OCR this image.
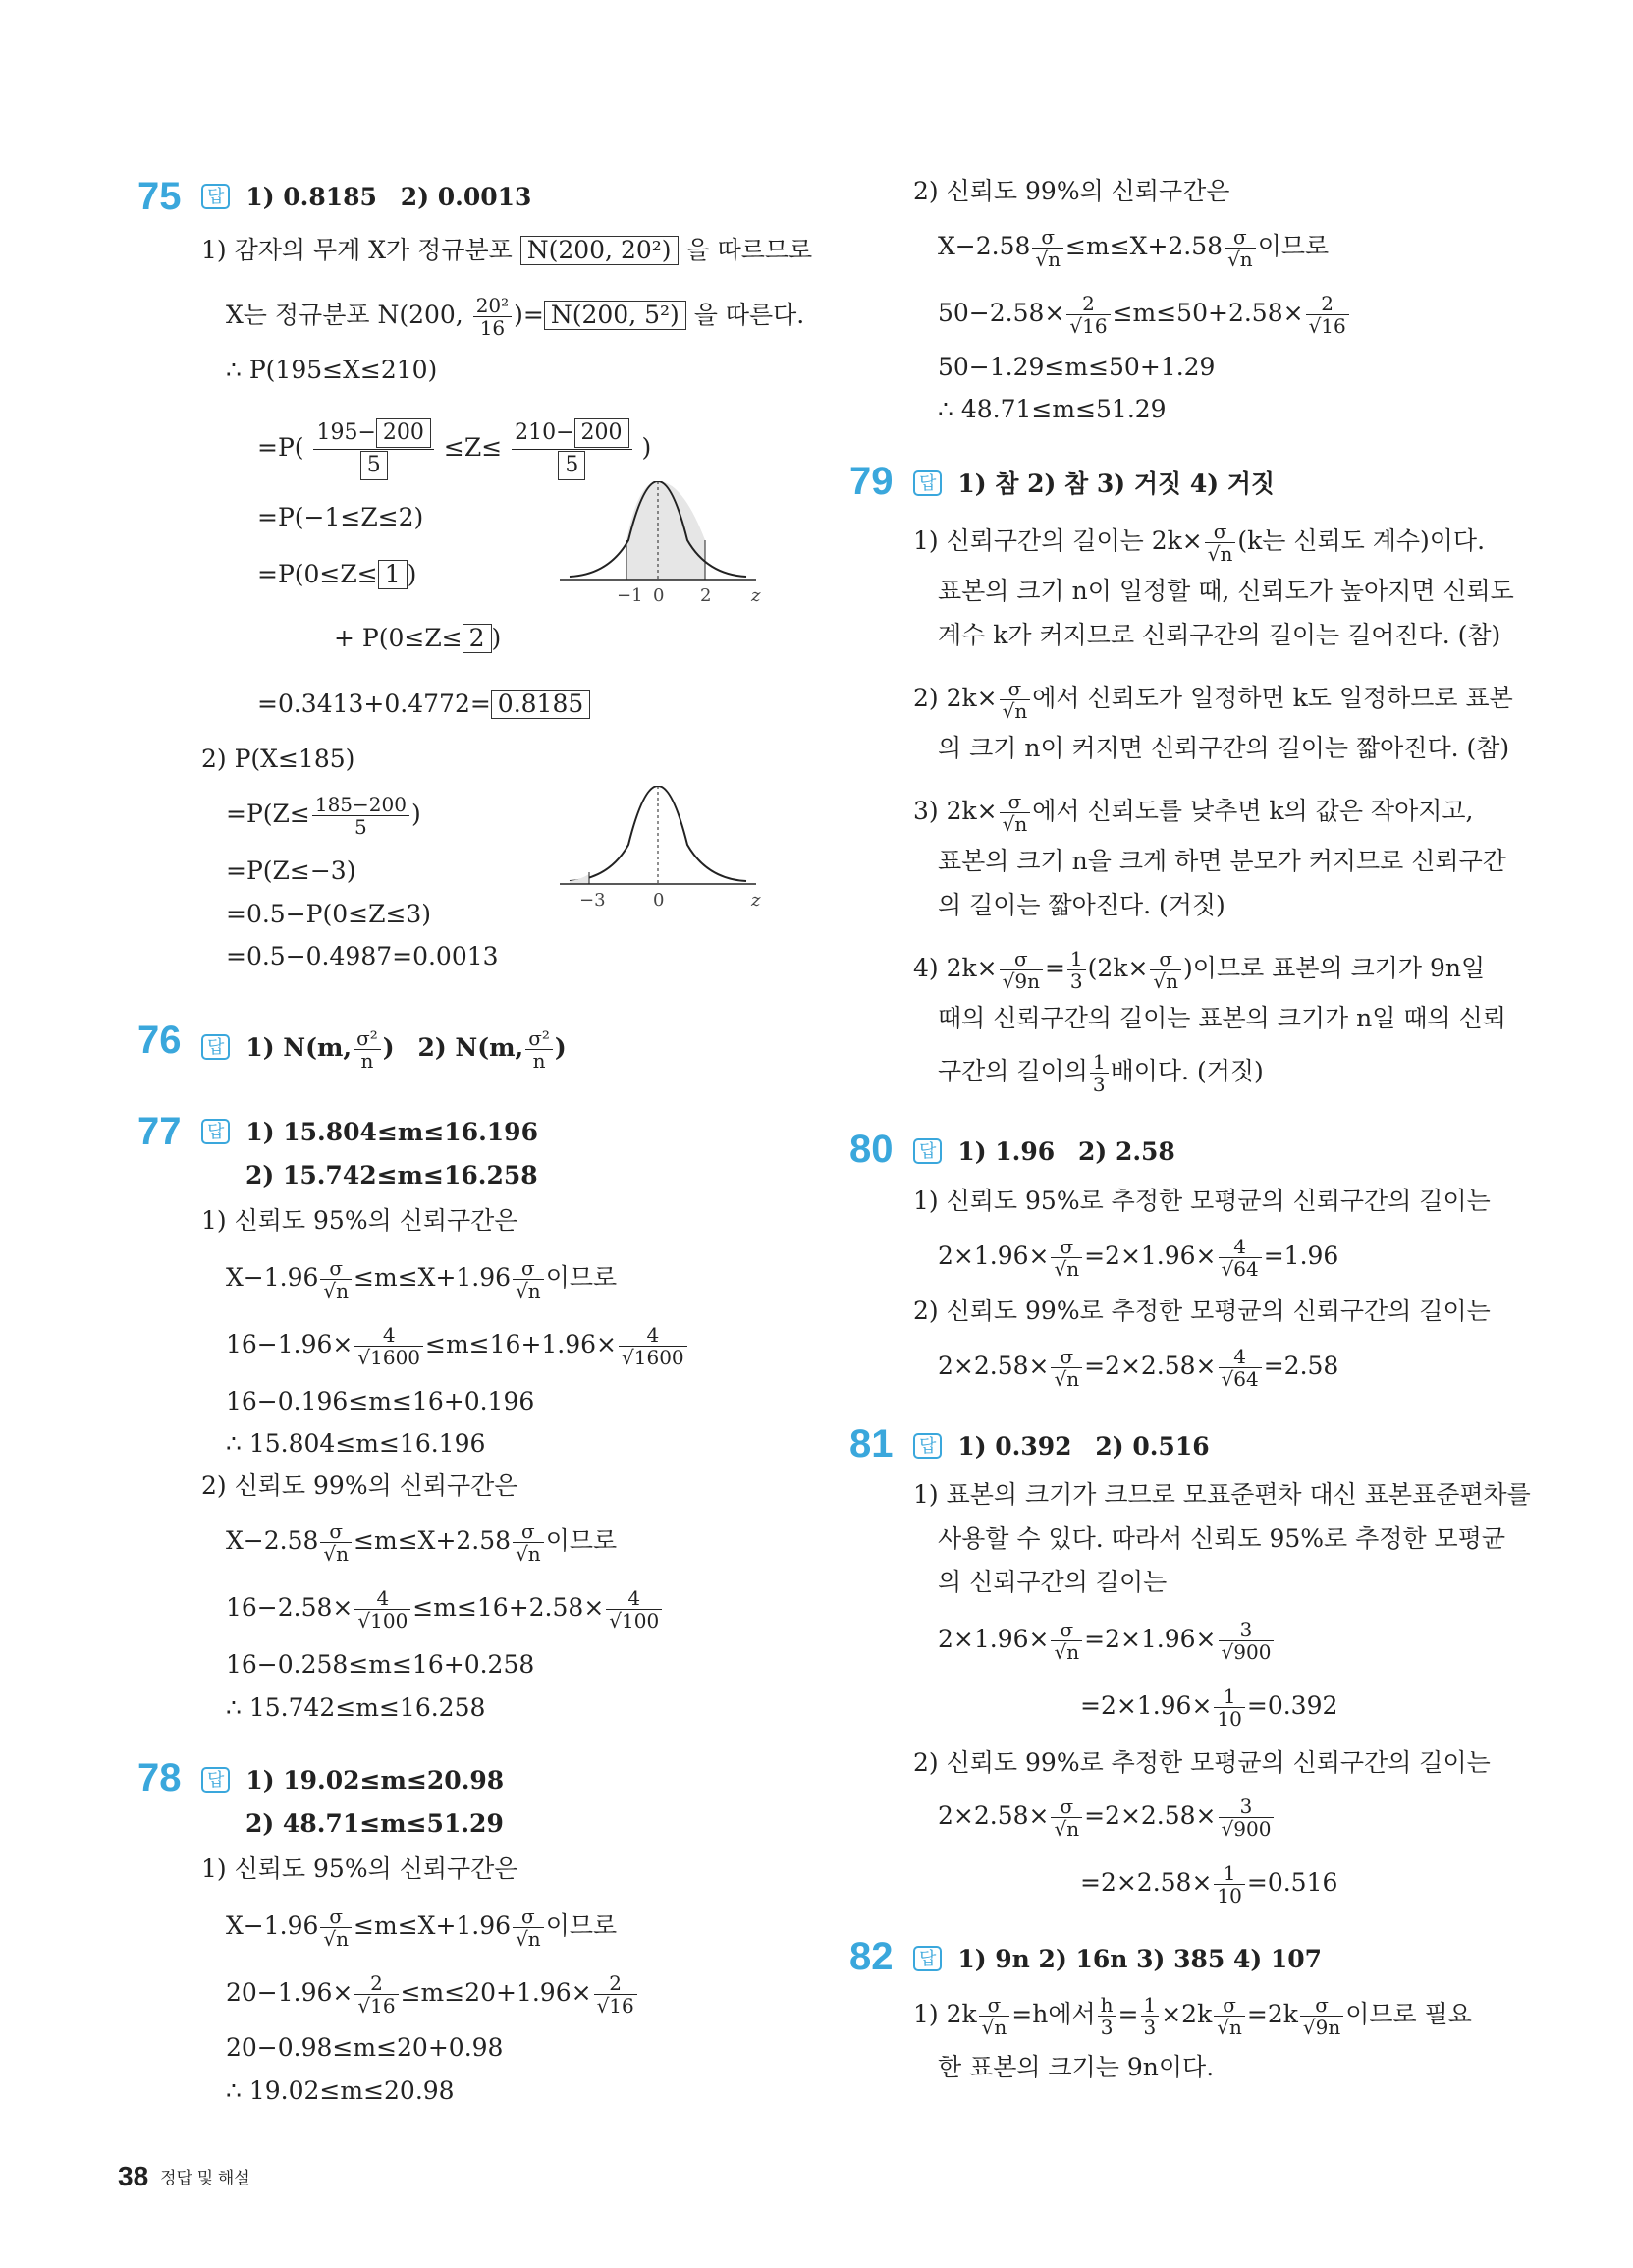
75	답 1) 0.8185 2) 0.0013
1) 감자의 무게 X가 정규분포 N(200, 20²) 을 따르므로
X는 정규분포 N(200, $\frac{\text{20²}}{16}$ )= N(200, 5²) 을 따른다.
∴ P(195≤X≤210)
$=P( \frac{195- 200}{5} \le Z\le \frac{210- 200}{5}$ )
=P(−1≤Z≤2)
=P(0≤Z≤ 1 )
+ P(0≤Z≤ 2 )
=0.3413+0.4772= 0.8185
−1 0 2 z
2) P(X≤185)
$=P(Z\le \frac{185-200}{5}$ )
=P(Z≤−3)
=0.5−P(0≤Z≤3)
=0.5−0.4987=0.0013
−3	0	z
76	답 1) N(m, $\frac{\text{σ²}}{n}$ ) 2) N(m, $\frac{\text{σ²}}{n}$ )
77	답 1) 15.804≤m≤16.196
2) 15.742≤m≤16.258
1) 신뢰도 95%의 신뢰구간은
$X-1.96 \frac{\sigma}{√n} \le m\le X+1.96 \frac{\sigma}{√n}$ 이므로
$16-1.96\times \frac{4}{√1600} \le m\le 16+1.96\times \frac{4}{√1600}$
16−0.196≤m≤16+0.196
∴ 15.804≤m≤16.196
2) 신뢰도 99%의 신뢰구간은
$X-2.58 \frac{\sigma}{√n} \le m\le X+2.58 \frac{\sigma}{√n}$ 이므로
$16-2.58\times \frac{4}{√100} \le m\le 16+2.58\times \frac{4}{√100}$
16−0.258≤m≤16+0.258
∴ 15.742≤m≤16.258
78	답 1) 19.02≤m≤20.98
2) 48.71≤m≤51.29
1) 신뢰도 95%의 신뢰구간은
$X-1.96 \frac{\sigma}{√n} \le m\le X+1.96 \frac{\sigma}{√n}$ 이므로
$20-1.96\times \frac{2}{√16} \le m\le 20+1.96\times \frac{2}{√16}$
20−0.98≤m≤20+0.98
∴ 19.02≤m≤20.98
2) 신뢰도 99%의 신뢰구간은
$X-2.58 \frac{\sigma}{√n} \le m\le X+2.58 \frac{\sigma}{√n}$ 이므로
$50-2.58\times \frac{2}{√16} \le m\le 50+2.58\times \frac{2}{√16}$
50−1.29≤m≤50+1.29
∴ 48.71≤m≤51.29
79	답 1) 참 2) 참 3) 거짓 4) 거짓
1) 신뢰구간의 길이는 $2k\times \frac{\sigma}{√n} (k$는 신뢰도 계수)이다.
표본의 크기 n이 일정할 때, 신뢰도가 높아지면 신뢰도
계수 k가 커지므로 신뢰구간의 길이는 길어진다. (참)
2) $2k\times \frac{\sigma}{√n}$ 에서 신뢰도가 일정하면 k도 일정하므로 표본
의 크기 n이 커지면 신뢰구간의 길이는 짧아진다. (참)
3) $2k\times \frac{\sigma}{√n}$ 에서 신뢰도를 낮추면 k의 값은 작아지고,
표본의 크기 n을 크게 하면 분모가 커지므로 신뢰구간
의 길이는 짧아진다. (거짓)
4) $2k\times \frac{\sigma}{√9n} = \frac{1}{3} (2k\times \frac{\sigma}{√n}$ )이므로 표본의 크기가 9n일
때의 신뢰구간의 길이는 표본의 크기가 n일 때의 신뢰
구간의 길이의 $\frac{1}{3}$ 배이다. (거짓)
80	답 1) 1.96 2) 2.58
1) 신뢰도 95%로 추정한 모평균의 신뢰구간의 길이는
$2\times 1.96\times \frac{\sigma}{√n} =2\times 1.96\times \frac{4}{√64} =1.96$
2) 신뢰도 99%로 추정한 모평균의 신뢰구간의 길이는
$2\times 2.58\times \frac{\sigma}{√n} =2\times 2.58\times \frac{4}{√64} =2.58$
81	답 1) 0.392 2) 0.516
1) 표본의 크기가 크므로 모표준편차 대신 표본표준편차를
사용할 수 있다. 따라서 신뢰도 95%로 추정한 모평균
의 신뢰구간의 길이는
$2\times 1.96\times \frac{\sigma}{√n} =2\times 1.96\times \frac{3}{√900}$
$=2\times 1.96\times \frac{1}{10} =0.392$
2) 신뢰도 99%로 추정한 모평균의 신뢰구간의 길이는
$2\times 2.58\times \frac{\sigma}{√n} =2\times 2.58\times \frac{3}{√900}$
$=2\times 2.58\times \frac{1}{10} =0.516$
82	답 1) 9n 2) 16n 3) 385 4) 107
1) $2k \frac{\sigma}{√n} =h$에서 $\frac{h}{3} = \frac{1}{3} \times 2k \frac{\sigma}{√n} =2k \frac{\sigma}{√9n}$ 이므로 필요
한 표본의 크기는 9n이다.
38 정답 및 해설
